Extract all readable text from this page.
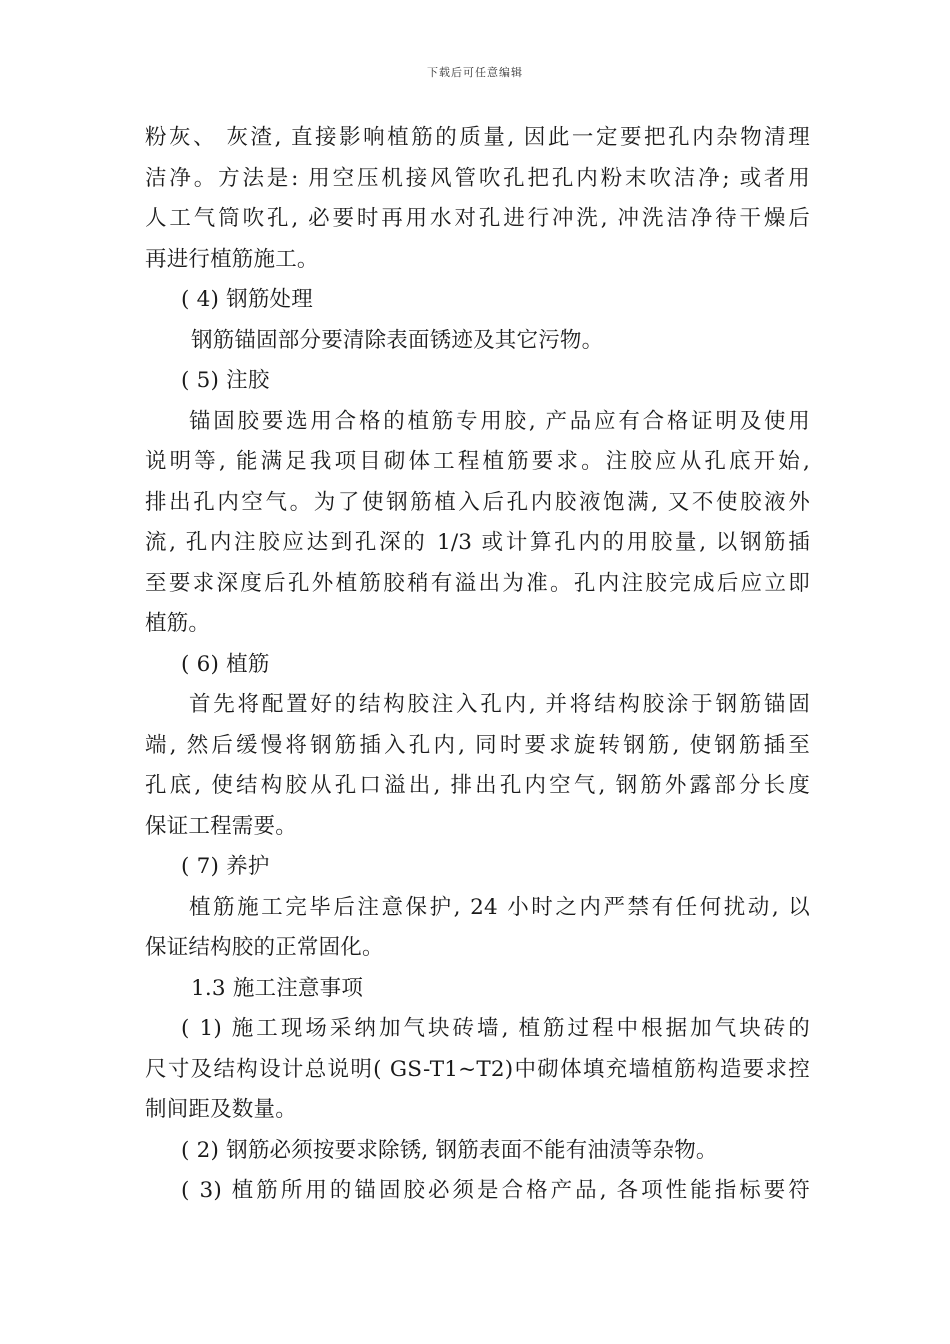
下载后可任意编辑
粉灰、 灰渣, 直接影响植筋的质量, 因此一定要把孔内杂物清理
洁净。方法是: 用空压机接风管吹孔把孔内粉末吹洁净; 或者用
人工气筒吹孔, 必要时再用水对孔进行冲洗, 冲洗洁净待干燥后
再进行植筋施工。
( 4) 钢筋处理
钢筋锚固部分要清除表面锈迹及其它污物。
( 5) 注胶
锚固胶要选用合格的植筋专用胶, 产品应有合格证明及使用
说明等, 能满足我项目砌体工程植筋要求。注胶应从孔底开始,
排出孔内空气。为了使钢筋植入后孔内胶液饱满, 又不使胶液外
流, 孔内注胶应达到孔深的 1/3 或计算孔内的用胶量, 以钢筋插
至要求深度后孔外植筋胶稍有溢出为准。孔内注胶完成后应立即
植筋。
( 6) 植筋
首先将配置好的结构胶注入孔内, 并将结构胶涂于钢筋锚固
端, 然后缓慢将钢筋插入孔内, 同时要求旋转钢筋, 使钢筋插至
孔底, 使结构胶从孔口溢出, 排出孔内空气, 钢筋外露部分长度
保证工程需要。
( 7) 养护
植筋施工完毕后注意保护, 24 小时之内严禁有任何扰动, 以
保证结构胶的正常固化。
1.3 施工注意事项
( 1) 施工现场采纳加气块砖墙, 植筋过程中根据加气块砖的
尺寸及结构设计总说明( GS-T1~T2)中砌体填充墙植筋构造要求控
制间距及数量。
( 2) 钢筋必须按要求除锈, 钢筋表面不能有油渍等杂物。
( 3) 植筋所用的锚固胶必须是合格产品, 各项性能指标要符
